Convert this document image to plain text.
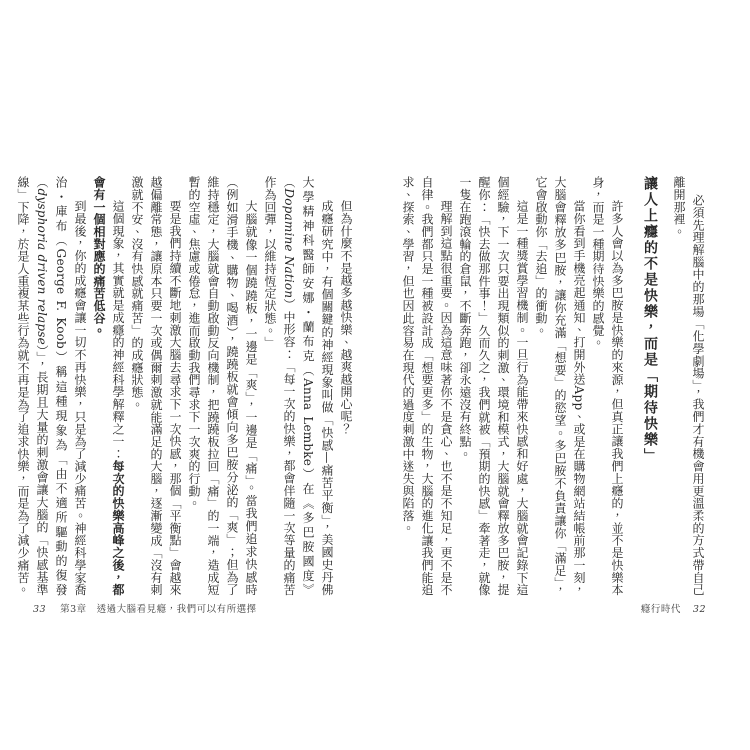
必須先理解腦中的那場「化學劇場」，我們才有機會用更溫柔的方式帶自己離開那裡。

讓人上癮的不是快樂，而是「期待快樂」

許多人會以為多巴胺是快樂的來源，但真正讓我們上癮的，並不是快樂本身，而是一種期待快樂的感覺。

當你看到手機亮起通知、打開外送App、或是在購物網站結帳前那一刻，大腦會釋放多巴胺，讓你充滿「想要」的慾望。多巴胺不負責讓你「滿足」，它會啟動你「去追」的衝動。

這是一種獎賞學習機制。一旦行為能帶來快感和好處，大腦就會記錄下這個經驗，下一次只要出現類似的刺激、環境和模式，大腦就會釋放多巴胺，提醒你：「快去做那件事！」久而久之，我們就被「預期的快感」牽著走，就像一隻在跑滾輪的倉鼠，不斷奔跑，卻永遠沒有終點。

理解到這點很重要。因為這意味著你不是貪心、也不是不知足，更不是不自律。我們都只是一種被設計成「想要更多」的生物，大腦的進化讓我們能追求、探索、學習，但也因此容易在現代的過度刺激中迷失與陷落。

但為什麼不是越多越快樂、越爽越開心呢？

成癮研究中，有個關鍵的神經現象叫做「快感—痛苦平衡」，美國史丹佛大學精神科醫師安娜・蘭布克（Anna Lembke）在《多巴胺國度》（Dopamine Nation）中形容：「每一次的快樂，都會伴隨一次等量的痛苦作為回彈，以維持恆定狀態。」

大腦就像一個蹺蹺板，一邊是「爽」，一邊是「痛」。當我們追求快感時（例如滑手機、購物、喝酒），蹺蹺板就會傾向多巴胺分泌的「爽」；但為了維持穩定，大腦就會自動啟動反向機制，把蹺蹺板拉回「痛」的一端，造成短暫的空虛、焦慮或倦怠，進而啟動我們尋求下一次爽的行動。

要是我們持續不斷地刺激大腦去尋求下一次快感，那個「平衡點」會越來越偏離常態，讓原本只要一次或偶爾刺激就能滿足的大腦，逐漸變成「沒有刺激就不安、沒有快感就痛苦」的成癮狀態。

這個現象，其實就是成癮的神經科學解釋之一：每次的快樂高峰之後，都會有一個相對應的痛苦低谷。

到最後，你的成癮會讓一切不再快樂，只是為了減少痛苦。神經科學家喬治・庫布（George F. Koob）稱這種現象為「由不適所驅動的復發（dysphoria driven relapse）」，長期且大量的刺激會讓大腦的「快感基準線」下降，於是人重複某些行為就不再是為了追求快樂，而是為了減少痛苦。

癮行時代 32
33 第3章 透過大腦看見癮，我們可以有所選擇
